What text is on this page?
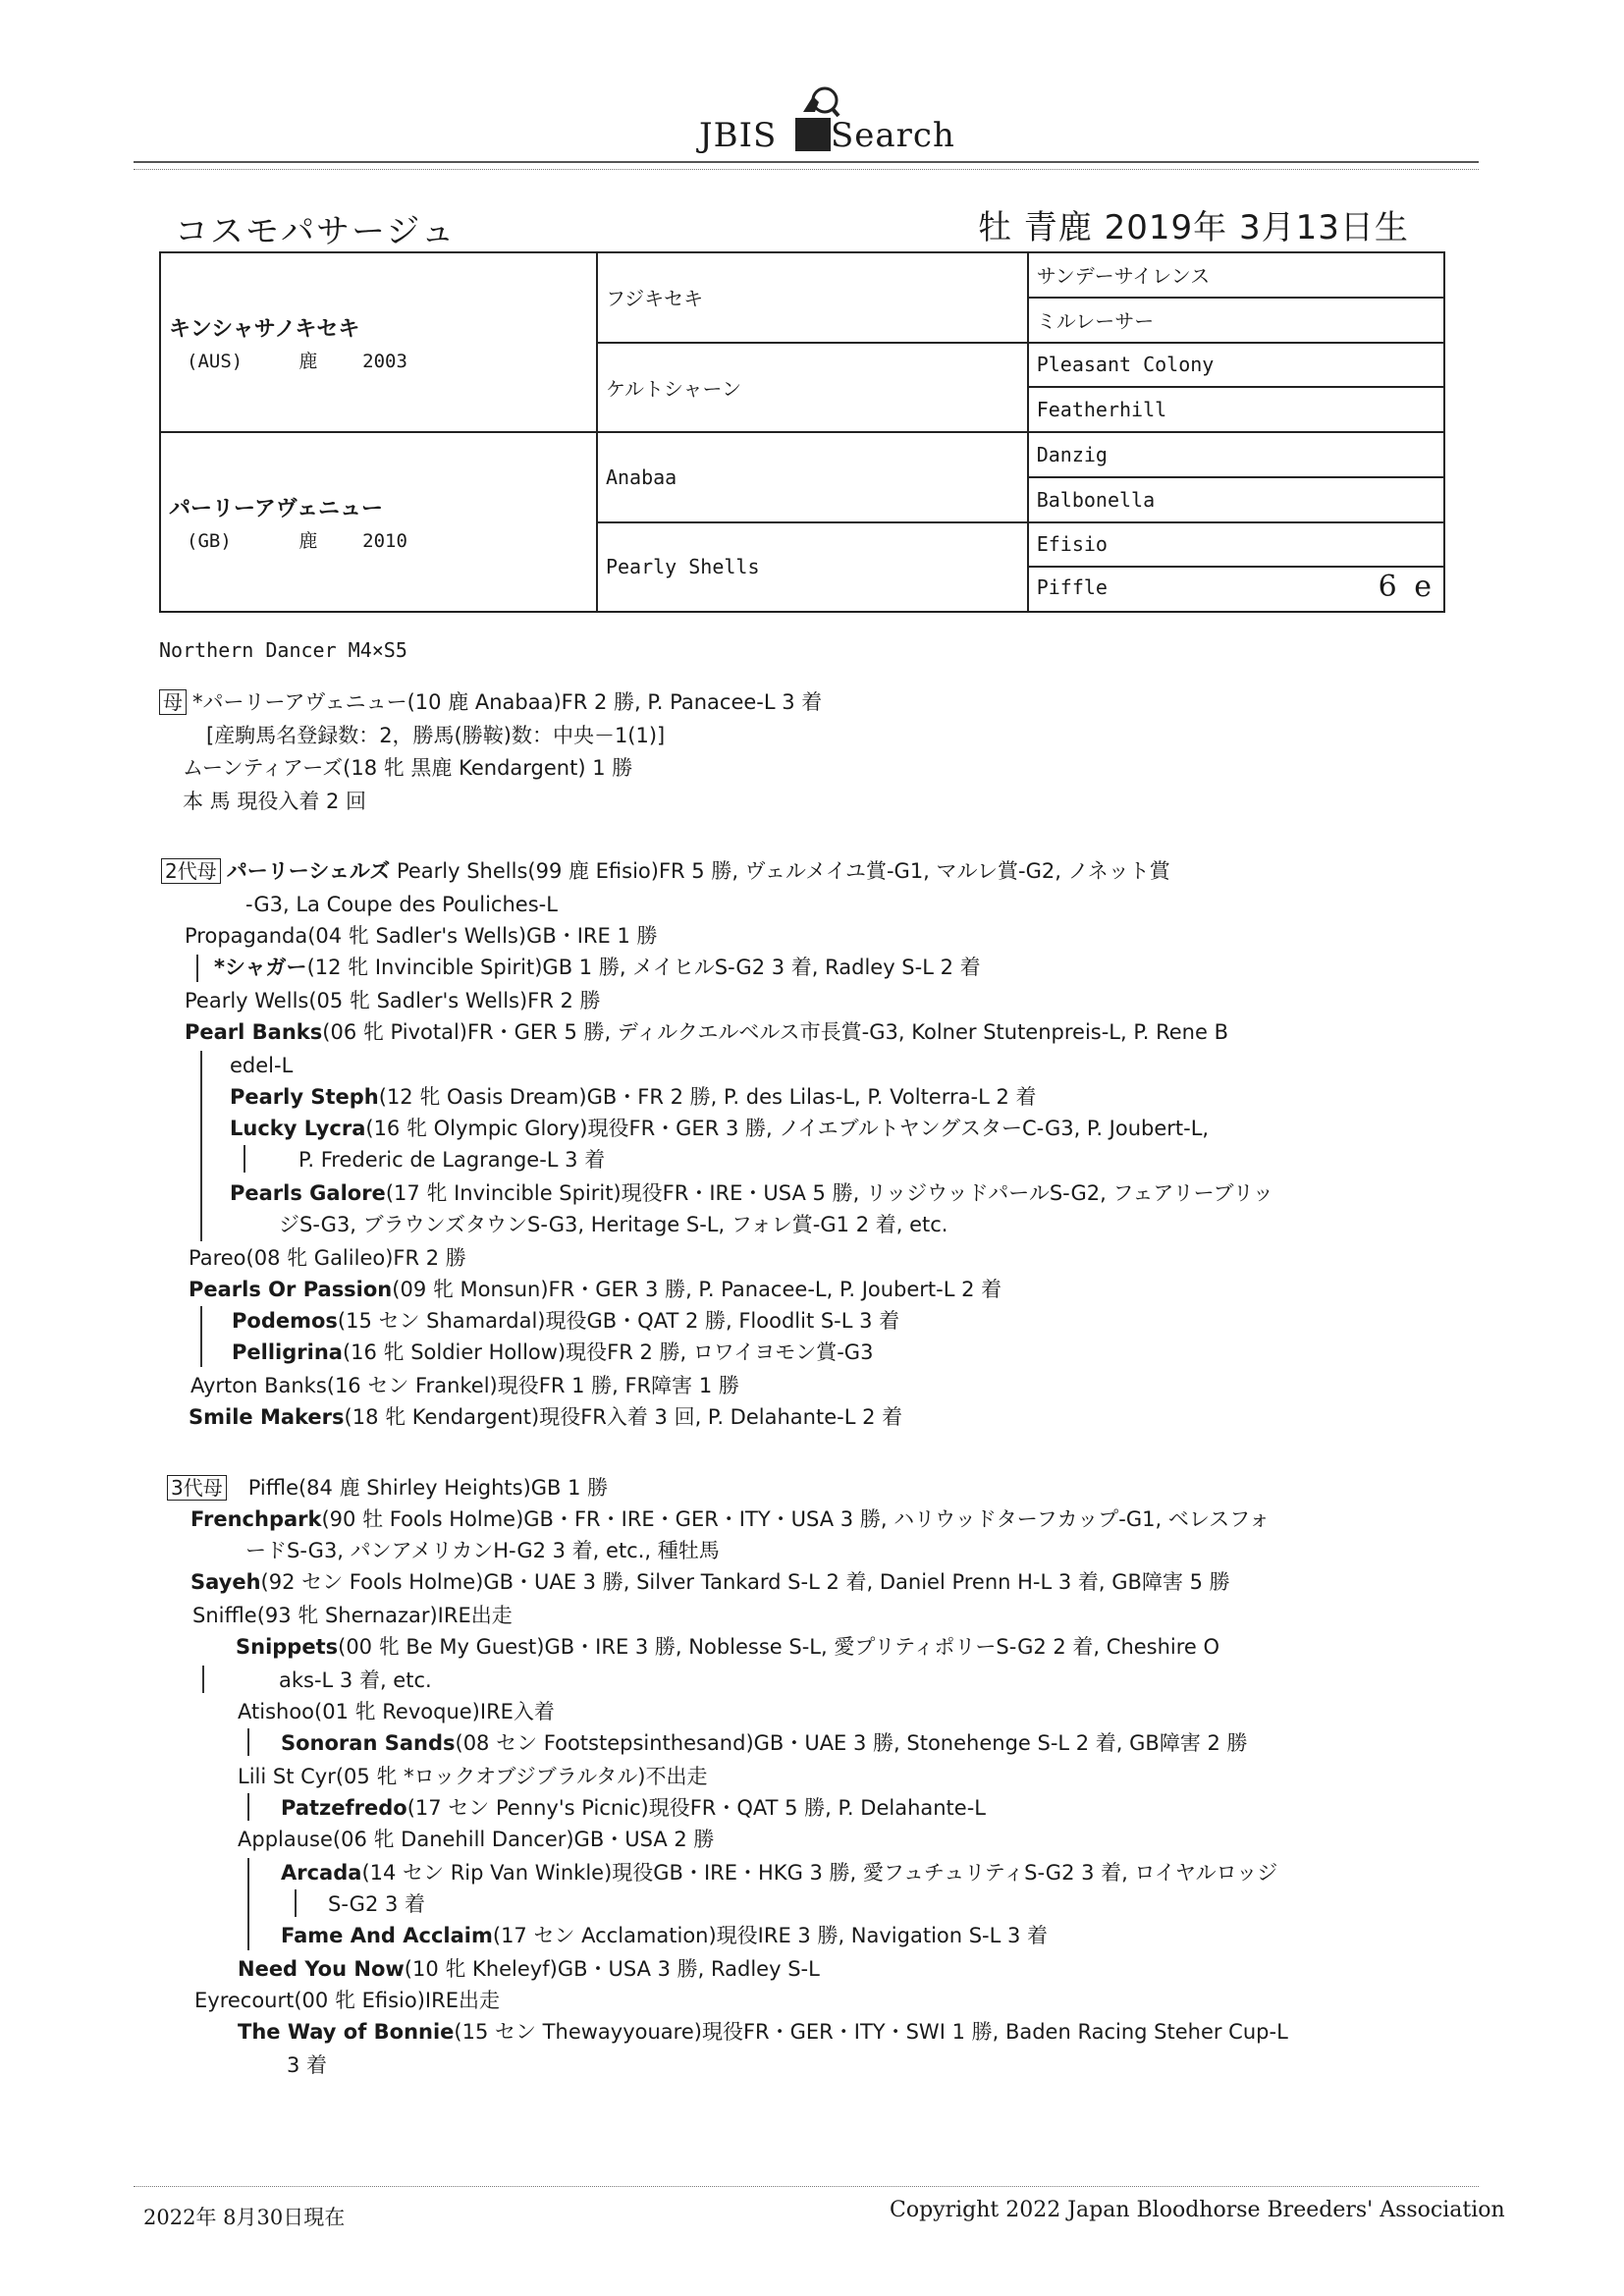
JBIS Search
コスモパサージュ	牡 青鹿 2019年 3月13日生
キンシャサノキセキ
(AUS)     鹿    2003	フジキセキ	サンデーサイレンス
		ミルレーサー
	ケルトシャーン	Pleasant Colony
		Featherhill

パーリーアヴェニュー
(GB)      鹿    2010	Anabaa	Danzig
		Balbonella
	Pearly Shells	Efisio
		Piffle 6 e
Northern Dancer M4×S5
母 *パーリーアヴェニュー(10 鹿 Anabaa)FR 2 勝, P. Panacee-L 3 着
[産駒馬名登録数：2，勝馬(勝鞍)数：中央－1(1)]
ムーンティアーズ(18 牝 黒鹿 Kendargent) 1 勝
本 馬 現役入着 2 回
2代母 パーリーシェルズ Pearly Shells(99 鹿 Efisio)FR 5 勝, ヴェルメイユ賞-G1, マルレ賞-G2, ノネット賞
-G3, La Coupe des Pouliches-L
Propaganda(04 牝 Sadler's Wells)GB・IRE 1 勝
*シャガー(12 牝 Invincible Spirit)GB 1 勝, メイヒルS-G2 3 着, Radley S-L 2 着
Pearly Wells(05 牝 Sadler's Wells)FR 2 勝
Pearl Banks(06 牝 Pivotal)FR・GER 5 勝, ディルクエルベルス市長賞-G3, Kolner Stutenpreis-L, P. Rene B
edel-L
Pearly Steph(12 牝 Oasis Dream)GB・FR 2 勝, P. des Lilas-L, P. Volterra-L 2 着
Lucky Lycra(16 牝 Olympic Glory)現役FR・GER 3 勝, ノイエブルトヤングスターC-G3, P. Joubert-L,
P. Frederic de Lagrange-L 3 着
Pearls Galore(17 牝 Invincible Spirit)現役FR・IRE・USA 5 勝, リッジウッドパールS-G2, フェアリーブリッ
ジS-G3, ブラウンズタウンS-G3, Heritage S-L, フォレ賞-G1 2 着, etc.
Pareo(08 牝 Galileo)FR 2 勝
Pearls Or Passion(09 牝 Monsun)FR・GER 3 勝, P. Panacee-L, P. Joubert-L 2 着
Podemos(15 セン Shamardal)現役GB・QAT 2 勝, Floodlit S-L 3 着
Pelligrina(16 牝 Soldier Hollow)現役FR 2 勝, ロワイヨモン賞-G3
Ayrton Banks(16 セン Frankel)現役FR 1 勝, FR障害 1 勝
Smile Makers(18 牝 Kendargent)現役FR入着 3 回, P. Delahante-L 2 着
3代母 Piffle(84 鹿 Shirley Heights)GB 1 勝
Frenchpark(90 牡 Fools Holme)GB・FR・IRE・GER・ITY・USA 3 勝, ハリウッドターフカップ-G1, ベレスフォ
ードS-G3, パンアメリカンH-G2 3 着, etc., 種牡馬
Sayeh(92 セン Fools Holme)GB・UAE 3 勝, Silver Tankard S-L 2 着, Daniel Prenn H-L 3 着, GB障害 5 勝
Sniffle(93 牝 Shernazar)IRE出走
Snippets(00 牝 Be My Guest)GB・IRE 3 勝, Noblesse S-L, 愛プリティポリーS-G2 2 着, Cheshire O
aks-L 3 着, etc.
Atishoo(01 牝 Revoque)IRE入着
Sonoran Sands(08 セン Footstepsinthesand)GB・UAE 3 勝, Stonehenge S-L 2 着, GB障害 2 勝
Lili St Cyr(05 牝 *ロックオブジブラルタル)不出走
Patzefredo(17 セン Penny's Picnic)現役FR・QAT 5 勝, P. Delahante-L
Applause(06 牝 Danehill Dancer)GB・USA 2 勝
Arcada(14 セン Rip Van Winkle)現役GB・IRE・HKG 3 勝, 愛フュチュリティS-G2 3 着, ロイヤルロッジ
S-G2 3 着
Fame And Acclaim(17 セン Acclamation)現役IRE 3 勝, Navigation S-L 3 着
Need You Now(10 牝 Kheleyf)GB・USA 3 勝, Radley S-L
Eyrecourt(00 牝 Efisio)IRE出走
The Way of Bonnie(15 セン Thewayyouare)現役FR・GER・ITY・SWI 1 勝, Baden Racing Steher Cup-L
3 着
2022年 8月30日現在	Copyright 2022 Japan Bloodhorse Breeders' Association
